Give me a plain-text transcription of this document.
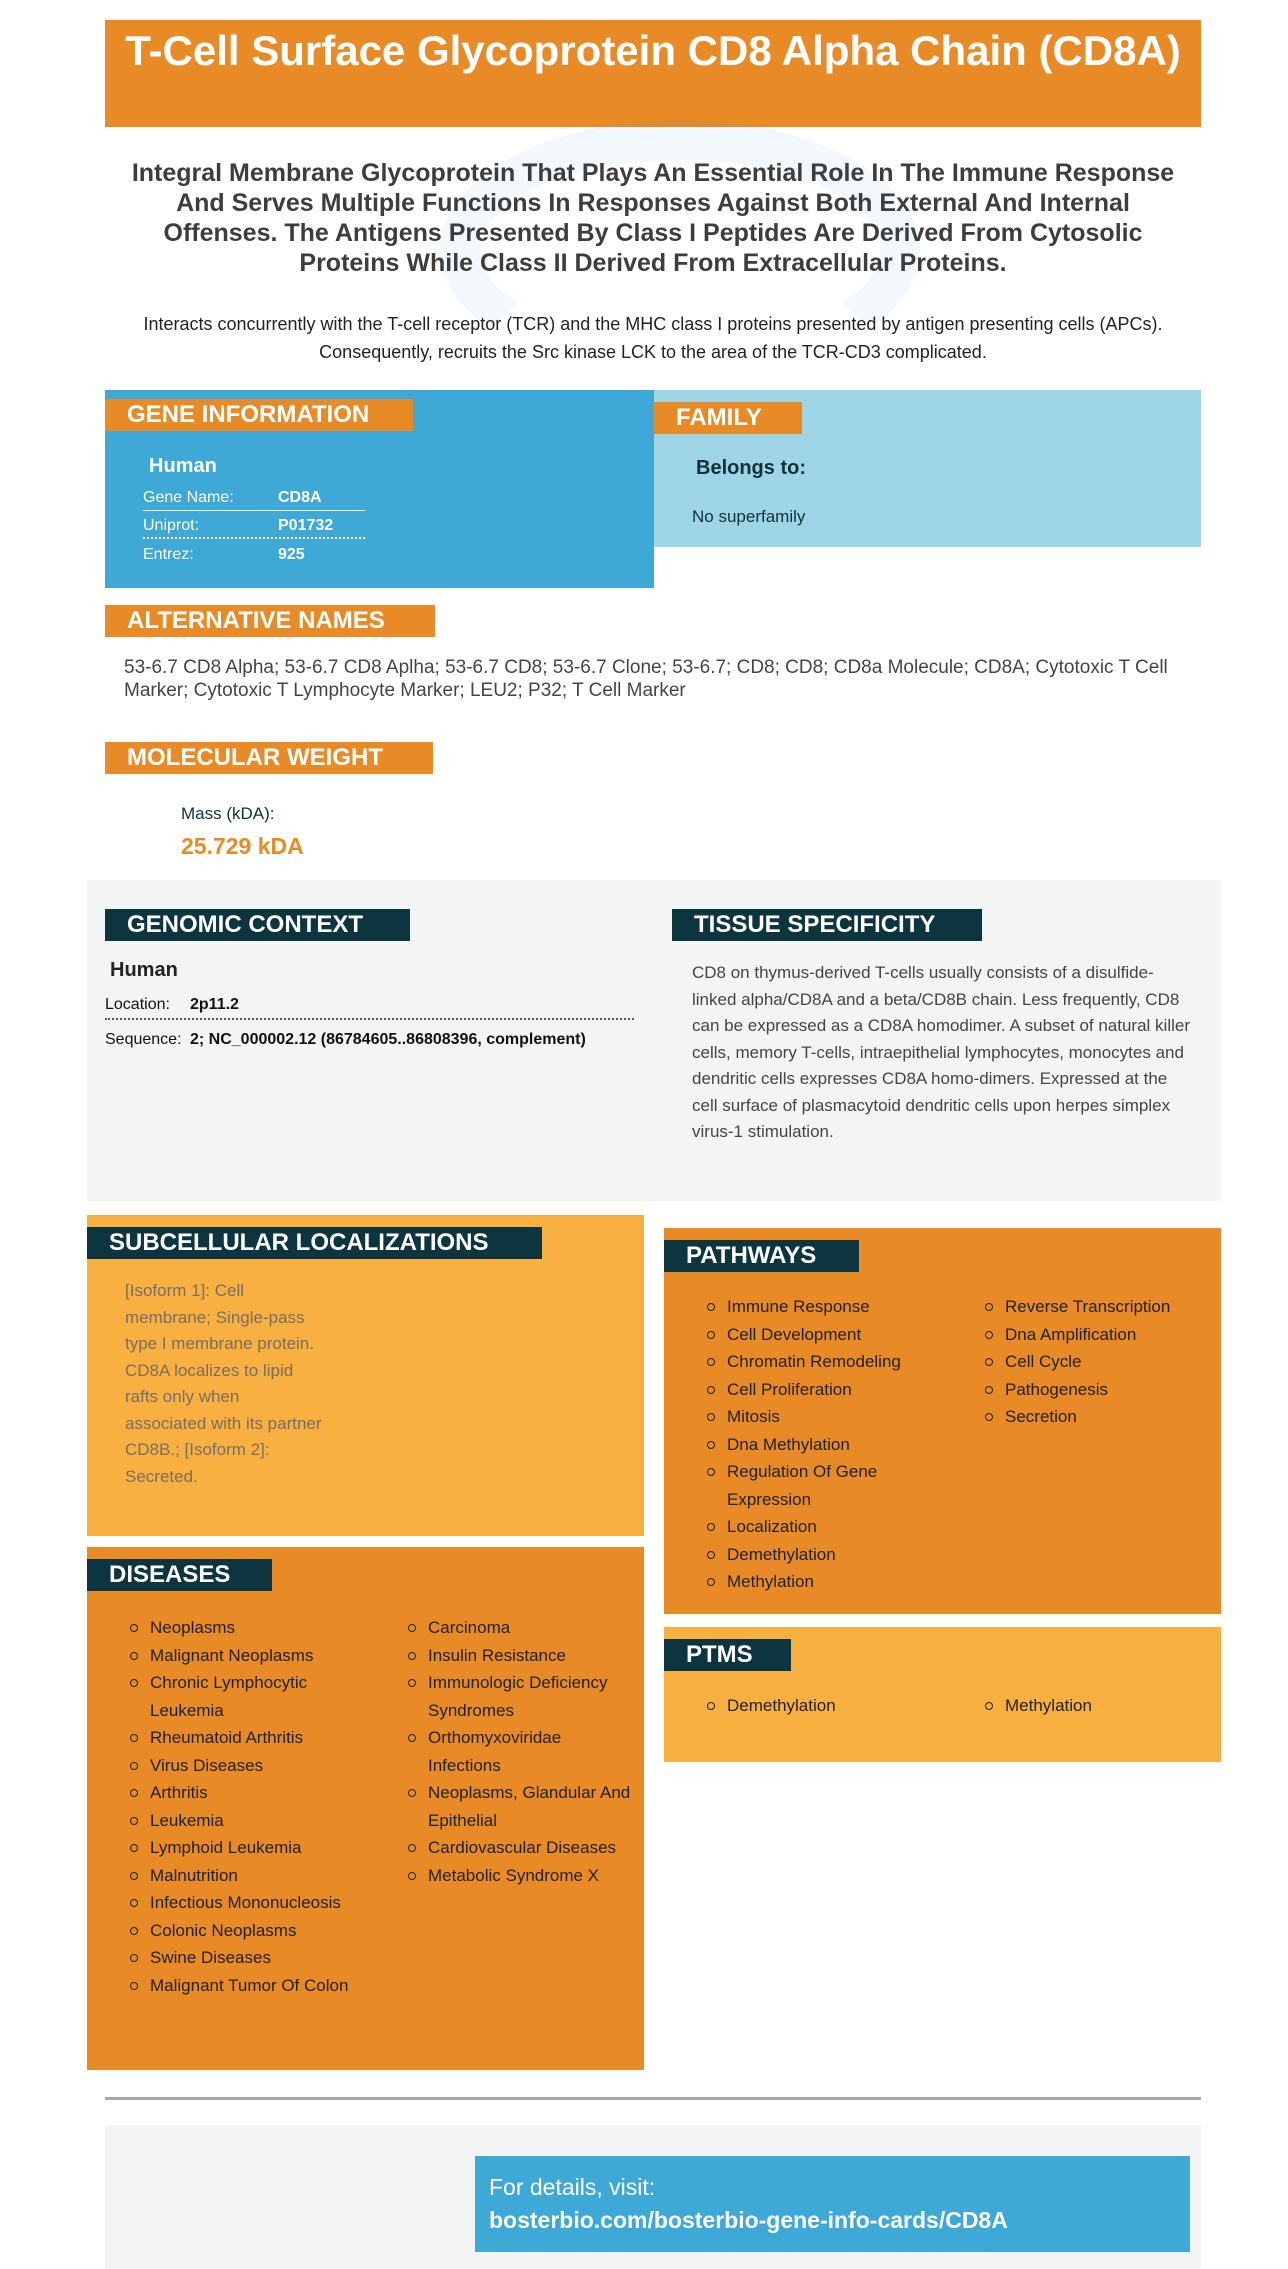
T-Cell Surface Glycoprotein CD8 Alpha Chain (CD8A)
Integral Membrane Glycoprotein That Plays An Essential Role In The Immune Response And Serves Multiple Functions In Responses Against Both External And Internal Offenses. The Antigens Presented By Class I Peptides Are Derived From Cytosolic Proteins While Class II Derived From Extracellular Proteins.
Interacts concurrently with the T-cell receptor (TCR) and the MHC class I proteins presented by antigen presenting cells (APCs). Consequently, recruits the Src kinase LCK to the area of the TCR-CD3 complicated.
GENE INFORMATION
Human
Gene Name:	CD8A
Uniprot:	P01732
Entrez:	925
FAMILY
Belongs to:
No superfamily
ALTERNATIVE NAMES
53-6.7 CD8 Alpha; 53-6.7 CD8 Aplha; 53-6.7 CD8; 53-6.7 Clone; 53-6.7; CD8; CD8; CD8a Molecule; CD8A; Cytotoxic T Cell Marker; Cytotoxic T Lymphocyte Marker; LEU2; P32; T Cell Marker
MOLECULAR WEIGHT
Mass (kDA):
25.729 kDA
GENOMIC CONTEXT
Human
Location: 2p11.2
Sequence: 2; NC_000002.12 (86784605..86808396, complement)
TISSUE SPECIFICITY
CD8 on thymus-derived T-cells usually consists of a disulfide-linked alpha/CD8A and a beta/CD8B chain. Less frequently, CD8 can be expressed as a CD8A homodimer. A subset of natural killer cells, memory T-cells, intraepithelial lymphocytes, monocytes and dendritic cells expresses CD8A homo-dimers. Expressed at the cell surface of plasmacytoid dendritic cells upon herpes simplex virus-1 stimulation.
SUBCELLULAR LOCALIZATIONS
[Isoform 1]: Cell membrane; Single-pass type I membrane protein. CD8A localizes to lipid rafts only when associated with its partner CD8B.; [Isoform 2]: Secreted.
PATHWAYS
Immune Response
Cell Development
Chromatin Remodeling
Cell Proliferation
Mitosis
Dna Methylation
Regulation Of Gene Expression
Localization
Demethylation
Methylation
Reverse Transcription
Dna Amplification
Cell Cycle
Pathogenesis
Secretion
DISEASES
Neoplasms
Malignant Neoplasms
Chronic Lymphocytic Leukemia
Rheumatoid Arthritis
Virus Diseases
Arthritis
Leukemia
Lymphoid Leukemia
Malnutrition
Infectious Mononucleosis
Colonic Neoplasms
Swine Diseases
Malignant Tumor Of Colon
Carcinoma
Insulin Resistance
Immunologic Deficiency Syndromes
Orthomyxoviridae Infections
Neoplasms, Glandular And Epithelial
Cardiovascular Diseases
Metabolic Syndrome X
PTMS
Demethylation	Methylation
For details, visit:
bosterbio.com/bosterbio-gene-info-cards/CD8A
